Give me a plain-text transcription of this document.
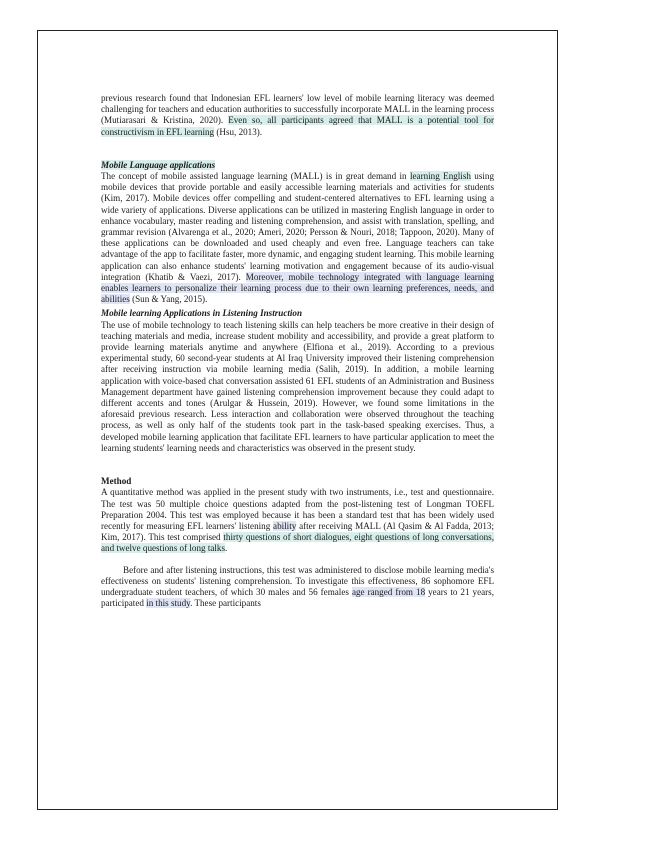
previous research found that Indonesian EFL learners' low level of mobile learning literacy was deemed challenging for teachers and education authorities to successfully incorporate MALL in the learning process (Mutiarasari & Kristina, 2020). Even so, all participants agreed that MALL is a potential tool for constructivism in EFL learning (Hsu, 2013).

Mobile Language applications

The concept of mobile assisted language learning (MALL) is in great demand in learning English using mobile devices that provide portable and easily accessible learning materials and activities for students (Kim, 2017). Mobile devices offer compelling and student-centered alternatives to EFL learning using a wide variety of applications. Diverse applications can be utilized in mastering English language in order to enhance vocabulary, master reading and listening comprehension, and assist with translation, spelling, and grammar revision (Alvarenga et al., 2020; Ameri, 2020; Persson & Nouri, 2018; Tappoon, 2020). Many of these applications can be downloaded and used cheaply and even free. Language teachers can take advantage of the app to facilitate faster, more dynamic, and engaging student learning. This mobile learning application can also enhance students' learning motivation and engagement because of its audio-visual integration (Khatib & Vaezi, 2017). Moreover, mobile technology integrated with language learning enables learners to personalize their learning process due to their own learning preferences, needs, and abilities (Sun & Yang, 2015).

Mobile learning Applications in Listening Instruction

The use of mobile technology to teach listening skills can help teachers be more creative in their design of teaching materials and media, increase student mobility and accessibility, and provide a great platform to provide learning materials anytime and anywhere (Elfiona et al., 2019). According to a previous experimental study, 60 second-year students at Al Iraq University improved their listening comprehension after receiving instruction via mobile learning media (Salih, 2019). In addition, a mobile learning application with voice-based chat conversation assisted 61 EFL students of an Administration and Business Management department have gained listening comprehension improvement because they could adapt to different accents and tones (Arulgar & Hussein, 2019). However, we found some limitations in the aforesaid previous research. Less interaction and collaboration were observed throughout the teaching process, as well as only half of the students took part in the task-based speaking exercises. Thus, a developed mobile learning application that facilitate EFL learners to have particular application to meet the learning students' learning needs and characteristics was observed in the present study.

Method

A quantitative method was applied in the present study with two instruments, i.e., test and questionnaire. The test was 50 multiple choice questions adapted from the post-listening test of Longman TOEFL Preparation 2004. This test was employed because it has been a standard test that has been widely used recently for measuring EFL learners' listening ability after receiving MALL (Al Qasim & Al Fadda, 2013; Kim, 2017). This test comprised thirty questions of short dialogues, eight questions of long conversations, and twelve questions of long talks.

Before and after listening instructions, this test was administered to disclose mobile learning media's effectiveness on students' listening comprehension. To investigate this effectiveness, 86 sophomore EFL undergraduate student teachers, of which 30 males and 56 females age ranged from 18 years to 21 years, participated in this study. These participants
